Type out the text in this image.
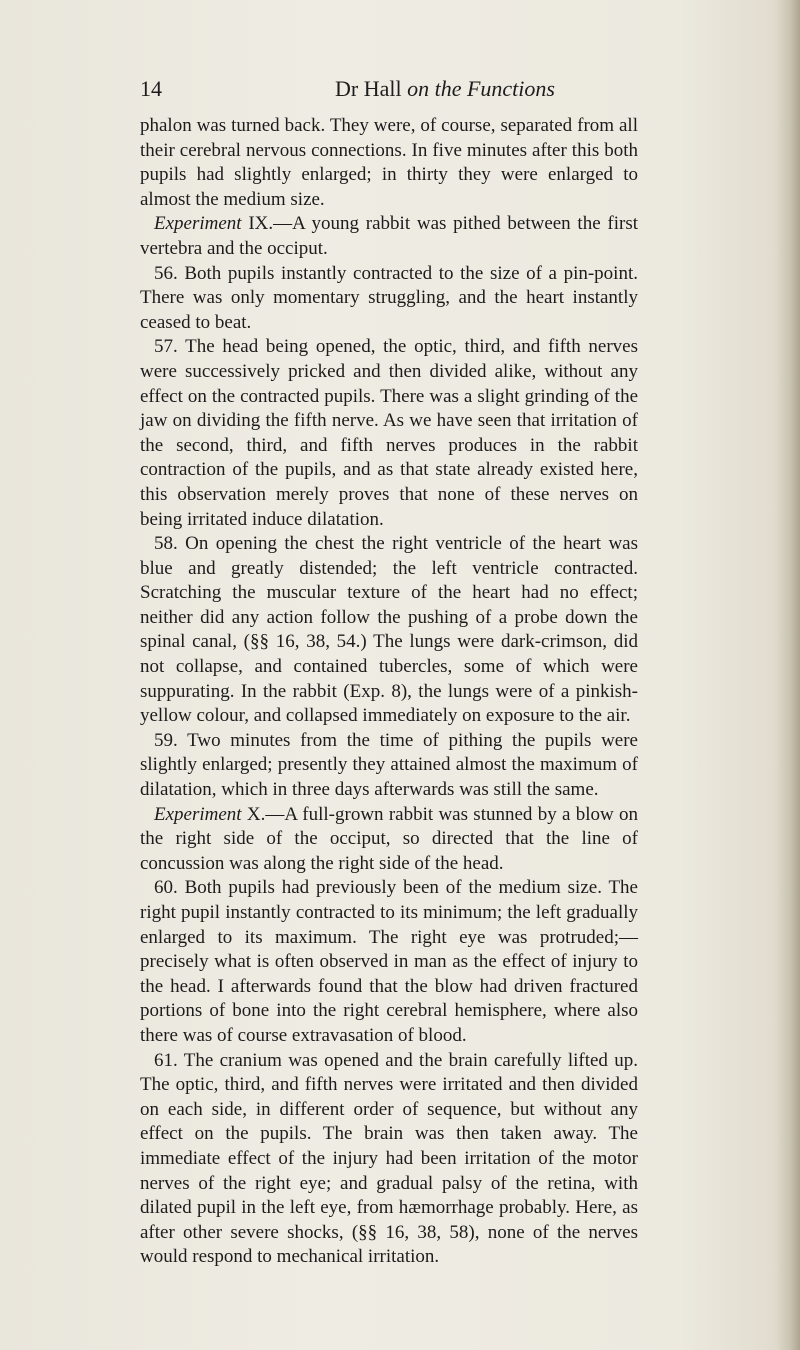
14	Dr Hall on the Functions

phalon was turned back. They were, of course, separated from all their cerebral nervous connections. In five minutes after this both pupils had slightly enlarged; in thirty they were enlarged to almost the medium size.

Experiment IX.—A young rabbit was pithed between the first vertebra and the occiput.

56. Both pupils instantly contracted to the size of a pin-point. There was only momentary struggling, and the heart instantly ceased to beat.

57. The head being opened, the optic, third, and fifth nerves were successively pricked and then divided alike, without any effect on the contracted pupils. There was a slight grinding of the jaw on dividing the fifth nerve. As we have seen that irritation of the second, third, and fifth nerves produces in the rabbit contraction of the pupils, and as that state already existed here, this observation merely proves that none of these nerves on being irritated induce dilatation.

58. On opening the chest the right ventricle of the heart was blue and greatly distended; the left ventricle contracted. Scratching the muscular texture of the heart had no effect; neither did any action follow the pushing of a probe down the spinal canal, (§§ 16, 38, 54.) The lungs were dark-crimson, did not collapse, and contained tubercles, some of which were suppurating. In the rabbit (Exp. 8), the lungs were of a pinkish-yellow colour, and collapsed immediately on exposure to the air.

59. Two minutes from the time of pithing the pupils were slightly enlarged; presently they attained almost the maximum of dilatation, which in three days afterwards was still the same.

Experiment X.—A full-grown rabbit was stunned by a blow on the right side of the occiput, so directed that the line of concussion was along the right side of the head.

60. Both pupils had previously been of the medium size. The right pupil instantly contracted to its minimum; the left gradually enlarged to its maximum. The right eye was protruded;—precisely what is often observed in man as the effect of injury to the head. I afterwards found that the blow had driven fractured portions of bone into the right cerebral hemisphere, where also there was of course extravasation of blood.

61. The cranium was opened and the brain carefully lifted up. The optic, third, and fifth nerves were irritated and then divided on each side, in different order of sequence, but without any effect on the pupils. The brain was then taken away. The immediate effect of the injury had been irritation of the motor nerves of the right eye; and gradual palsy of the retina, with dilated pupil in the left eye, from hæmorrhage probably. Here, as after other severe shocks, (§§ 16, 38, 58), none of the nerves would respond to mechanical irritation.
